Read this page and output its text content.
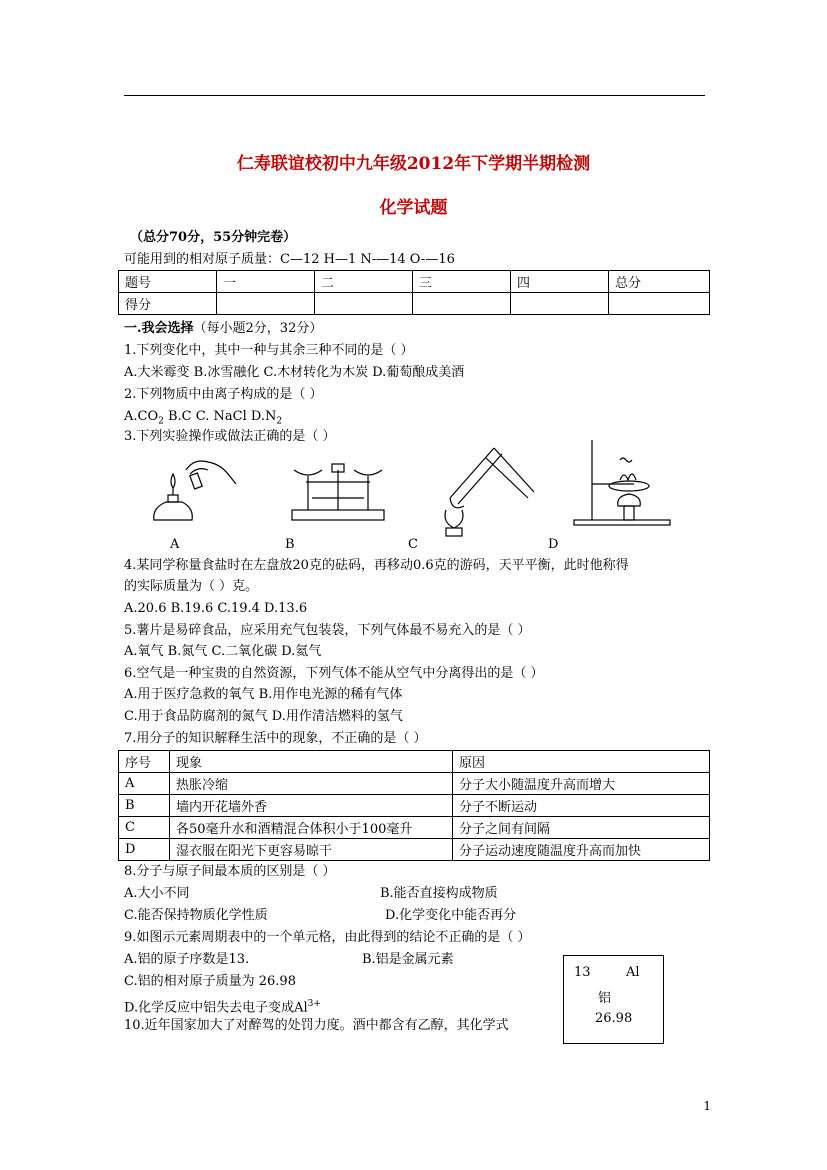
仁寿联谊校初中九年级2012年下学期半期检测
化学试题
（总分70分，55分钟完卷）
可能用到的相对原子质量：C—12 H—1 N-—14 O-—16
题号	一	二	三	四	总分
得分					
一.我会选择（每小题2分，32分）
1.下列变化中，其中一种与其余三种不同的是（ ）
A.大米霉变 B.冰雪融化 C.木材转化为木炭 D.葡萄酿成美酒
2.下列物质中由离子构成的是（ ）
$A.CO_2$ B.C C. NaCl $D.N_2$
3.下列实验操作或做法正确的是（ ）
A	B	C	D
4.某同学称量食盐时在左盘放20克的砝码，再移动0.6克的游码，天平平衡，此时他称得
的实际质量为（ ）克。
A.20.6 B.19.6 C.19.4 D.13.6
5.薯片是易碎食品，应采用充气包装袋，下列气体最不易充入的是（ ）
A.氧气 B.氮气 C.二氧化碳 D.氦气
6.空气是一种宝贵的自然资源，下列气体不能从空气中分离得出的是（ ）
A.用于医疗急救的氧气 B.用作电光源的稀有气体
C.用于食品防腐剂的氮气 D.用作清洁燃料的氢气
7.用分子的知识解释生活中的现象，不正确的是（ ）
序号	现象	原因
A	热胀冷缩	分子大小随温度升高而增大
B	墙内开花墙外香	分子不断运动
C	各50毫升水和酒精混合体积小于100毫升	分子之间有间隔
D	湿衣服在阳光下更容易晾干	分子运动速度随温度升高而加快
8.分子与原子间最本质的区别是（ ）
A.大小不同	B.能否直接构成物质
C.能否保持物质化学性质	D.化学变化中能否再分
9.如图示元素周期表中的一个单元格，由此得到的结论不正确的是（ ）
A.铝的原子序数是13.	B.铝是金属元素
C.铝的相对原子质量为 26.98
D.化学反应中铝失去电子变成$Al^{3+}$
10.近年国家加大了对醉驾的处罚力度。酒中都含有乙醇，其化学式
13	Al
铝
26.98
1
